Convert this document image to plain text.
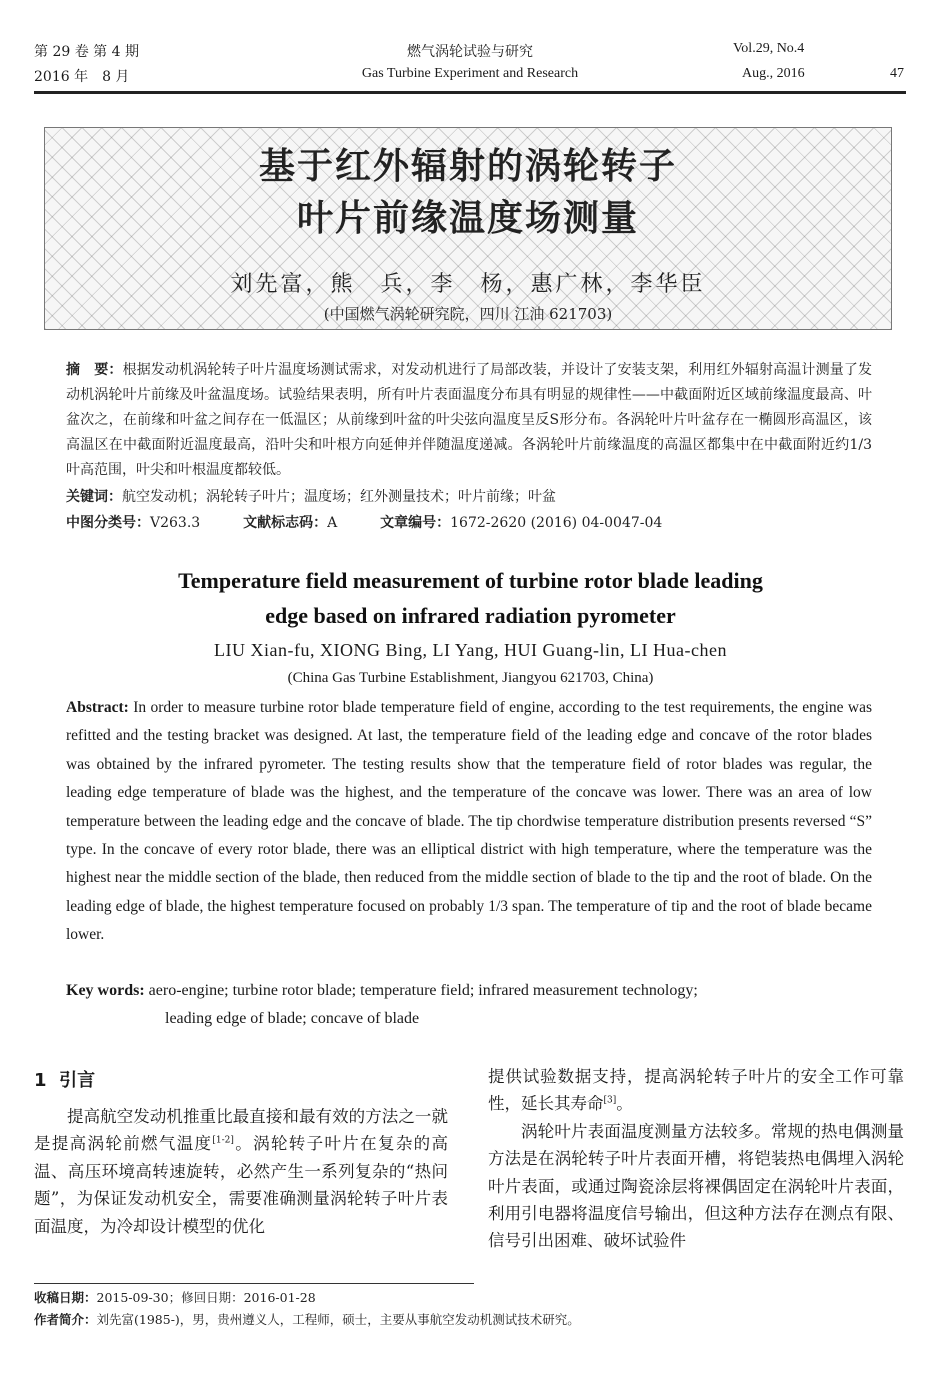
第 29 卷 第 4 期
2016 年　8 月
燃气涡轮试验与研究
Gas Turbine Experiment and Research
Vol.29, No.4
Aug., 2016	47
基于红外辐射的涡轮转子
叶片前缘温度场测量
刘先富，熊　兵，李　杨，惠广林，李华臣
(中国燃气涡轮研究院，四川 江油 621703)
摘　要：根据发动机涡轮转子叶片温度场测试需求，对发动机进行了局部改装，并设计了安装支架，利用红外辐射高温计测量了发动机涡轮叶片前缘及叶盆温度场。试验结果表明，所有叶片表面温度分布具有明显的规律性——中截面附近区域前缘温度最高、叶盆次之，在前缘和叶盆之间存在一低温区；从前缘到叶盆的叶尖弦向温度呈反S形分布。各涡轮叶片叶盆存在一椭圆形高温区，该高温区在中截面附近温度最高，沿叶尖和叶根方向延伸并伴随温度递减。各涡轮叶片前缘温度的高温区都集中在中截面附近约1/3叶高范围，叶尖和叶根温度都较低。
关键词：航空发动机；涡轮转子叶片；温度场；红外测量技术；叶片前缘；叶盆
中图分类号：V263.3	文献标志码：A	文章编号：1672-2620 (2016) 04-0047-04
Temperature field measurement of turbine rotor blade leading
edge based on infrared radiation pyrometer
LIU Xian-fu, XIONG Bing, LI Yang, HUI Guang-lin, LI Hua-chen
(China Gas Turbine Establishment, Jiangyou 621703, China)
Abstract: In order to measure turbine rotor blade temperature field of engine, according to the test requirements, the engine was refitted and the testing bracket was designed. At last, the temperature field of the leading edge and concave of the rotor blades was obtained by the infrared pyrometer. The testing results show that the temperature field of rotor blades was regular, the leading edge temperature of blade was the highest, and the temperature of the concave was lower. There was an area of low temperature between the leading edge and the concave of blade. The tip chordwise temperature distribution presents reversed “S” type. In the concave of every rotor blade, there was an elliptical district with high temperature, where the temperature was the highest near the middle section of the blade, then reduced from the middle section of blade to the tip and the root of blade. On the leading edge of blade, the highest temperature focused on probably 1/3 span. The temperature of tip and the root of blade became lower.
Key words: aero-engine; turbine rotor blade; temperature field; infrared measurement technology;
leading edge of blade; concave of blade
1 引言

提高航空发动机推重比最直接和最有效的方法之一就是提高涡轮前燃气温度[1-2]。涡轮转子叶片在复杂的高温、高压环境高转速旋转，必然产生一系列复杂的“热问题”，为保证发动机安全，需要准确测量涡轮转子叶片表面温度，为冷却设计模型的优化

提供试验数据支持，提高涡轮转子叶片的安全工作可靠性，延长其寿命[3]。

涡轮叶片表面温度测量方法较多。常规的热电偶测量方法是在涡轮转子叶片表面开槽，将铠装热电偶埋入涡轮叶片表面，或通过陶瓷涂层将裸偶固定在涡轮叶片表面，利用引电器将温度信号输出，但这种方法存在测点有限、信号引出困难、破坏试验件

收稿日期：2015-09-30；修回日期：2016-01-28
作者简介：刘先富(1985-)，男，贵州遵义人，工程师，硕士，主要从事航空发动机测试技术研究。
